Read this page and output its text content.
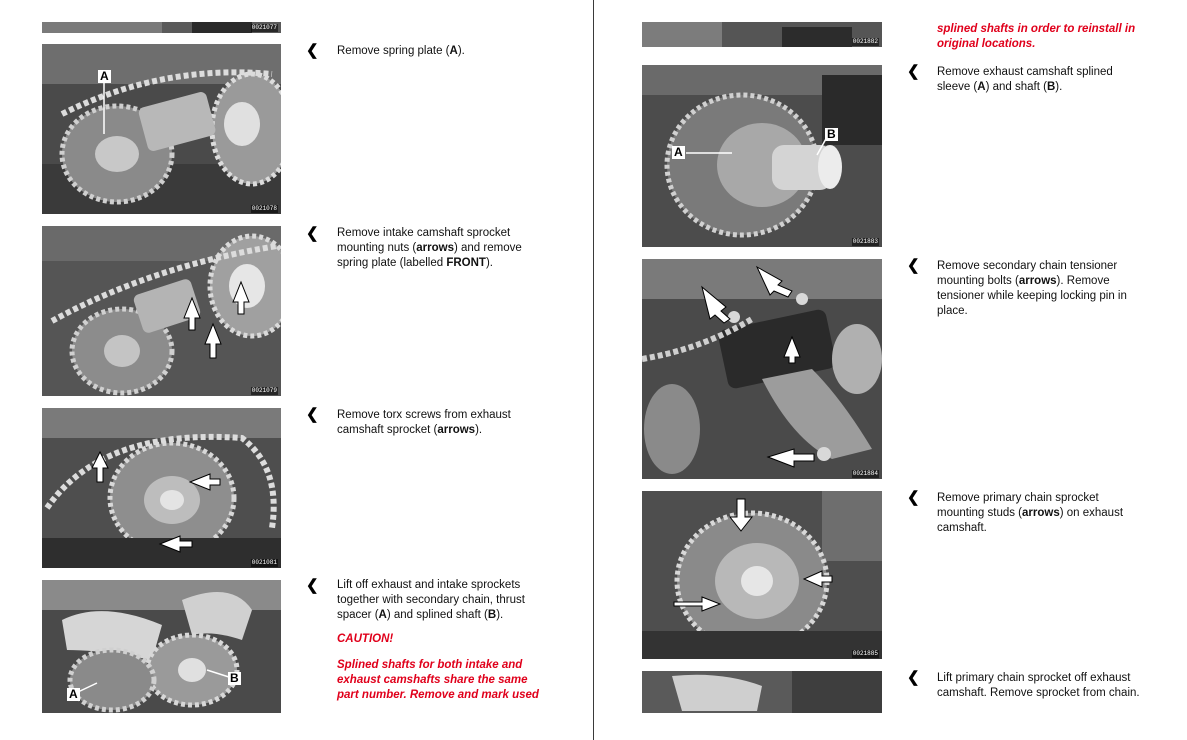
0021077
0021078
A
❮ Remove spring plate (A).
0021079
❮ Remove intake camshaft sprocket
mounting nuts (arrows) and remove
spring plate (labelled FRONT).
0021081
❮ Remove torx screws from exhaust
camshaft sprocket (arrows).
A
B
❮ Lift off exhaust and intake sprockets
together with secondary chain, thrust
spacer (A) and splined shaft (B).
CAUTION!
Splined shafts for both intake and
exhaust camshafts share the same
part number. Remove and mark used
splined shafts in order to reinstall in
original locations.
0021882
0021883
A
B
❮ Remove exhaust camshaft splined
sleeve (A) and shaft (B).
0021884
❮ Remove secondary chain tensioner
mounting bolts (arrows). Remove
tensioner while keeping locking pin in
place.
0021885
❮ Remove primary chain sprocket
mounting studs (arrows) on exhaust
camshaft.
❮ Lift primary chain sprocket off exhaust
camshaft. Remove sprocket from chain.
